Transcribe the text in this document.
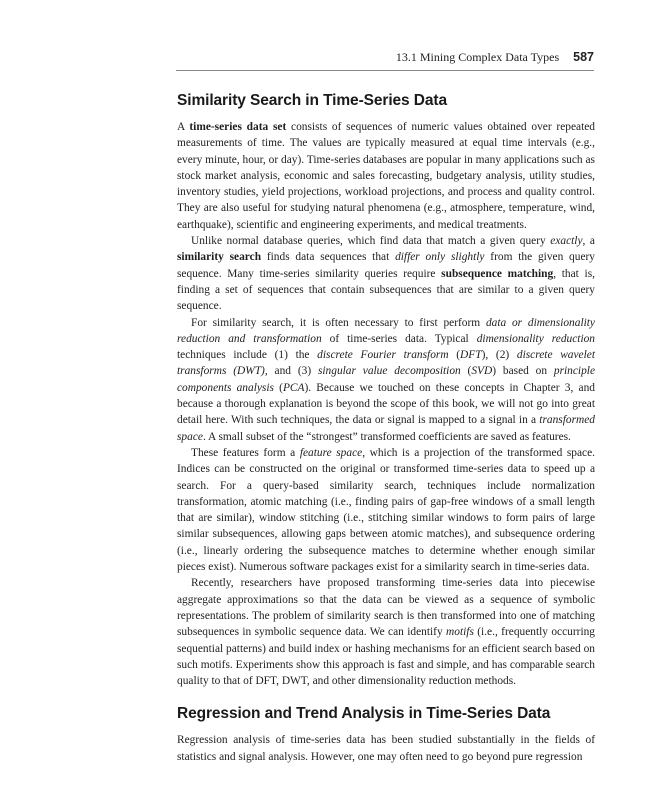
13.1 Mining Complex Data Types 587
Similarity Search in Time-Series Data

A time-series data set consists of sequences of numeric values obtained over repeated measurements of time. The values are typically measured at equal time intervals (e.g., every minute, hour, or day). Time-series databases are popular in many applications such as stock market analysis, economic and sales forecasting, budgetary analysis, utility studies, inventory studies, yield projections, workload projections, and process and quality control. They are also useful for studying natural phenomena (e.g., atmosphere, temperature, wind, earthquake), scientific and engineering experiments, and medical treatments.

Unlike normal database queries, which find data that match a given query exactly, a similarity search finds data sequences that differ only slightly from the given query sequence. Many time-series similarity queries require subsequence matching, that is, finding a set of sequences that contain subsequences that are similar to a given query sequence.

For similarity search, it is often necessary to first perform data or dimensionality reduction and transformation of time-series data. Typical dimensionality reduction techniques include (1) the discrete Fourier transform (DFT), (2) discrete wavelet transforms (DWT), and (3) singular value decomposition (SVD) based on principle components analysis (PCA). Because we touched on these concepts in Chapter 3, and because a thorough explanation is beyond the scope of this book, we will not go into great detail here. With such techniques, the data or signal is mapped to a signal in a transformed space. A small subset of the “strongest” transformed coefficients are saved as features.

These features form a feature space, which is a projection of the transformed space. Indices can be constructed on the original or transformed time-series data to speed up a search. For a query-based similarity search, techniques include normalization transformation, atomic matching (i.e., finding pairs of gap-free windows of a small length that are similar), window stitching (i.e., stitching similar windows to form pairs of large similar subsequences, allowing gaps between atomic matches), and subsequence ordering (i.e., linearly ordering the subsequence matches to determine whether enough similar pieces exist). Numerous software packages exist for a similarity search in time-series data.

Recently, researchers have proposed transforming time-series data into piecewise aggregate approximations so that the data can be viewed as a sequence of symbolic representations. The problem of similarity search is then transformed into one of matching subsequences in symbolic sequence data. We can identify motifs (i.e., frequently occurring sequential patterns) and build index or hashing mechanisms for an efficient search based on such motifs. Experiments show this approach is fast and simple, and has comparable search quality to that of DFT, DWT, and other dimensionality reduction methods.

Regression and Trend Analysis in Time-Series Data

Regression analysis of time-series data has been studied substantially in the fields of statistics and signal analysis. However, one may often need to go beyond pure regression
